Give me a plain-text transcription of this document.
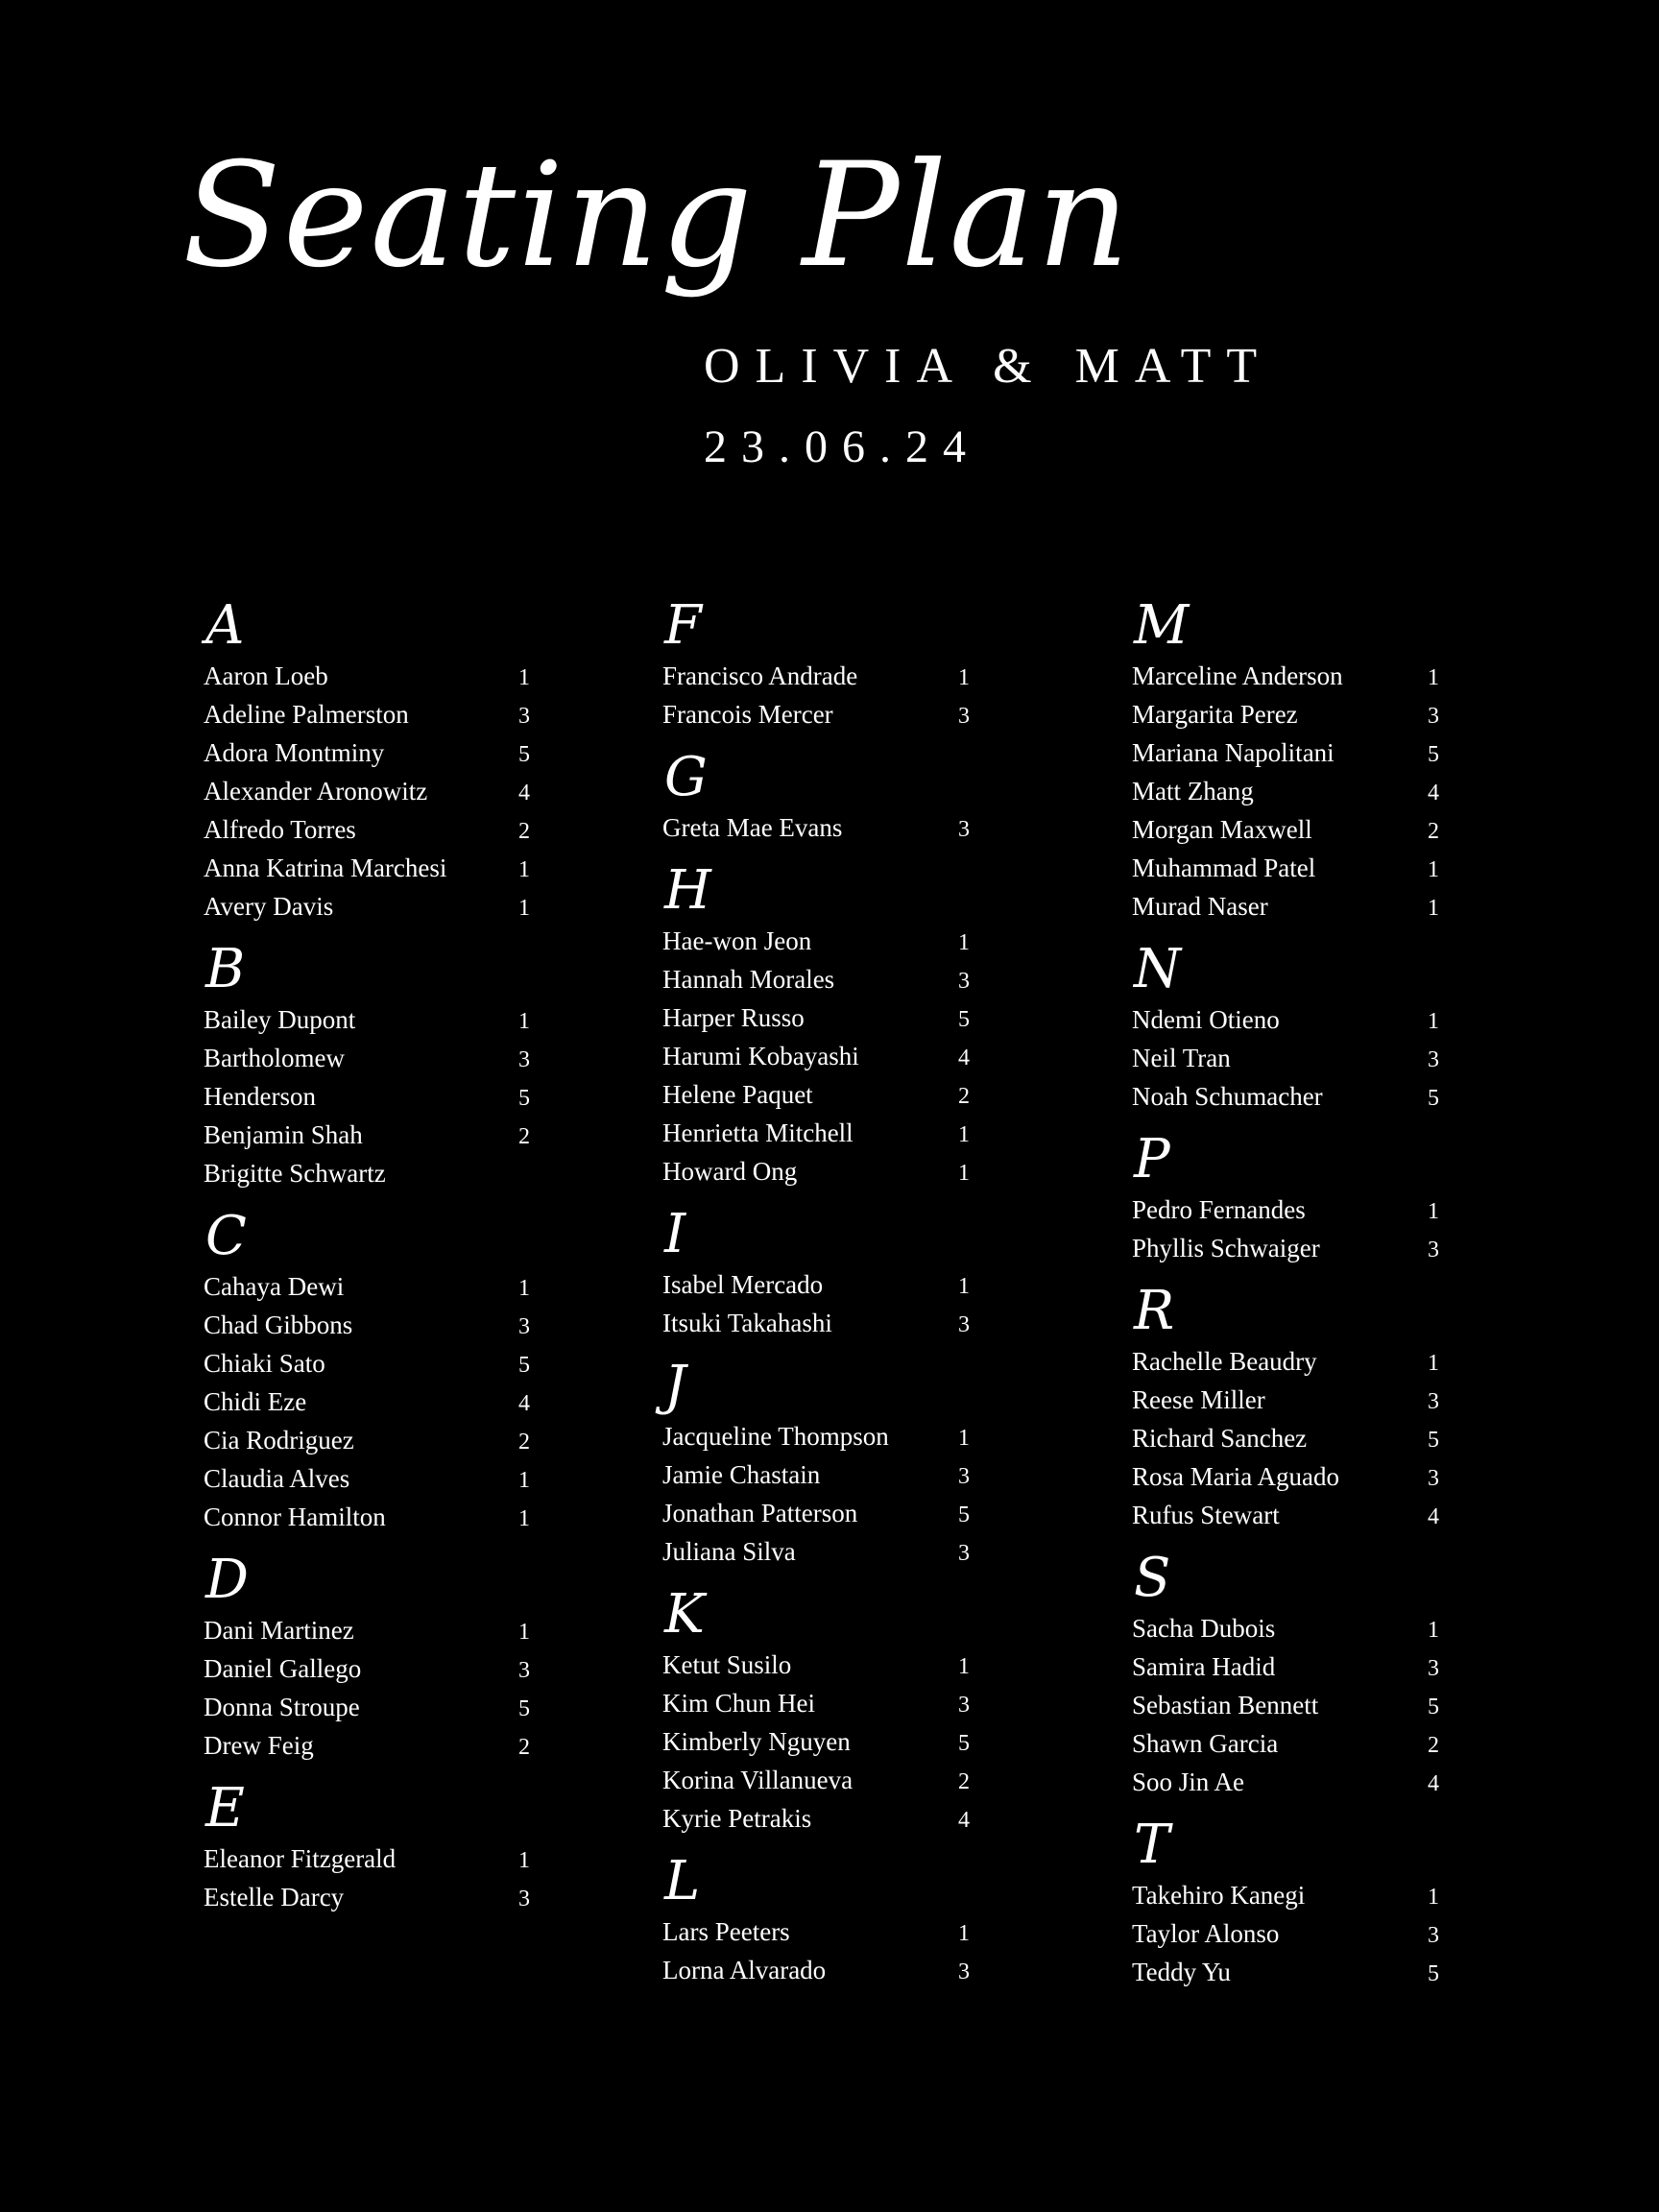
Seating Plan
OLIVIA & MATT
23.06.24
A
Aaron Loeb	1
Adeline Palmerston	3
Adora Montminy	5
Alexander Aronowitz	4
Alfredo Torres	2
Anna Katrina Marchesi	1
Avery Davis	1
B
Bailey Dupont	1
Bartholomew	3
Henderson	5
Benjamin Shah	2
Brigitte Schwartz
C
Cahaya Dewi	1
Chad Gibbons	3
Chiaki Sato	5
Chidi Eze	4
Cia Rodriguez	2
Claudia Alves	1
Connor Hamilton	1
D
Dani Martinez	1
Daniel Gallego	3
Donna Stroupe	5
Drew Feig	2
E
Eleanor Fitzgerald	1
Estelle Darcy	3
F
Francisco Andrade	1
Francois Mercer	3
G
Greta Mae Evans	3
H
Hae-won Jeon	1
Hannah Morales	3
Harper Russo	5
Harumi Kobayashi	4
Helene Paquet	2
Henrietta Mitchell	1
Howard Ong	1
I
Isabel Mercado	1
Itsuki Takahashi	3
J
Jacqueline Thompson	1
Jamie Chastain	3
Jonathan Patterson	5
Juliana Silva	3
K
Ketut Susilo	1
Kim Chun Hei	3
Kimberly Nguyen	5
Korina Villanueva	2
Kyrie Petrakis	4
L
Lars Peeters	1
Lorna Alvarado	3
M
Marceline Anderson	1
Margarita Perez	3
Mariana Napolitani	5
Matt Zhang	4
Morgan Maxwell	2
Muhammad Patel	1
Murad Naser	1
N
Ndemi Otieno	1
Neil Tran	3
Noah Schumacher	5
P
Pedro Fernandes	1
Phyllis Schwaiger	3
R
Rachelle Beaudry	1
Reese Miller	3
Richard Sanchez	5
Rosa Maria Aguado	3
Rufus Stewart	4
S
Sacha Dubois	1
Samira Hadid	3
Sebastian Bennett	5
Shawn Garcia	2
Soo Jin Ae	4
T
Takehiro Kanegi	1
Taylor Alonso	3
Teddy Yu	5
